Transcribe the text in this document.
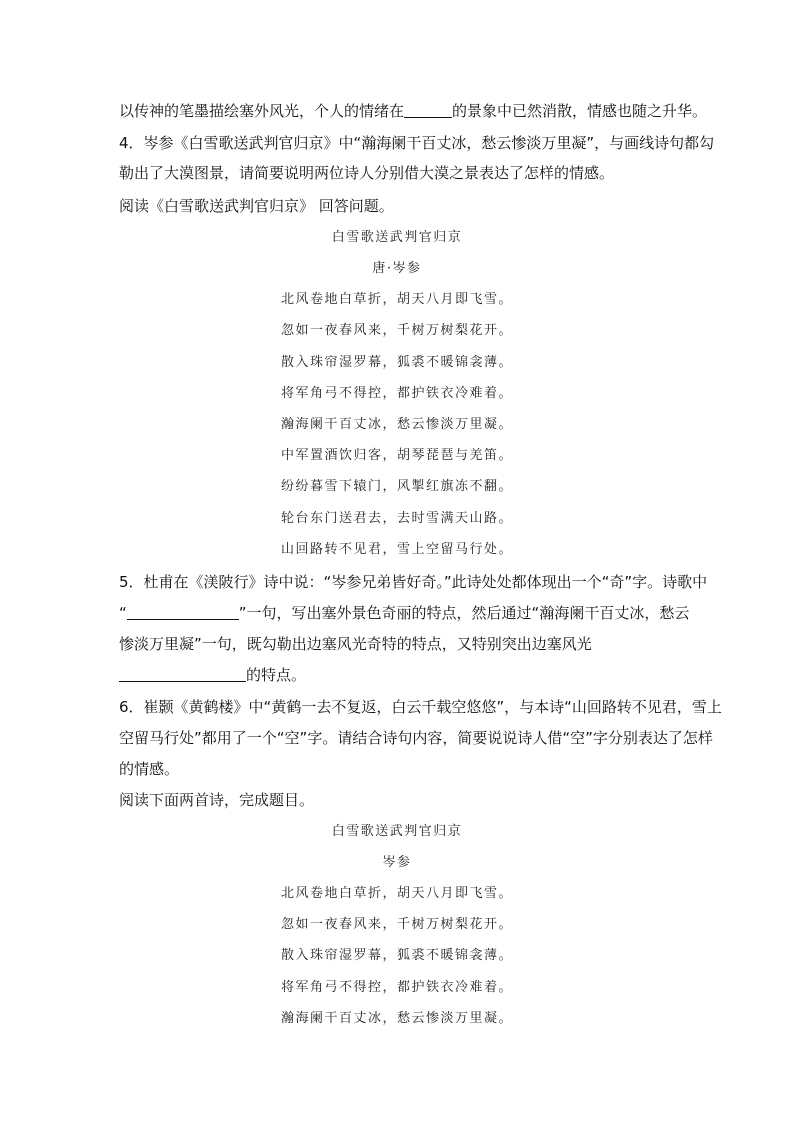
以传神的笔墨描绘塞外风光，个人的情绪在	的景象中已然消散，情感也随之升华。
4．岑参《白雪歌送武判官归京》中“瀚海阑干百丈冰，愁云惨淡万里凝”，与画线诗句都勾
勒出了大漠图景，请简要说明两位诗人分别借大漠之景表达了怎样的情感。
阅读《白雪歌送武判官归京》 回答问题。
白雪歌送武判官归京
唐·岑参
北风卷地白草折，胡天八月即飞雪。
忽如一夜春风来，千树万树梨花开。
散入珠帘湿罗幕，狐裘不暖锦衾薄。
将军角弓不得控，都护铁衣冷难着。
瀚海阑干百丈冰，愁云惨淡万里凝。
中军置酒饮归客，胡琴琵琶与羌笛。
纷纷暮雪下辕门，风掣红旗冻不翻。
轮台东门送君去，去时雪满天山路。
山回路转不见君，雪上空留马行处。
5．杜甫在《渼陂行》诗中说：“岑参兄弟皆好奇。”此诗处处都体现出一个“奇”字。诗歌中
“	”一句，写出塞外景色奇丽的特点，然后通过“瀚海阑干百丈冰，愁云
惨淡万里凝”一句，既勾勒出边塞风光奇特的特点，又特别突出边塞风光
的特点。
6．崔颢《黄鹤楼》中“黄鹤一去不复返，白云千载空悠悠”，与本诗“山回路转不见君，雪上
空留马行处”都用了一个“空”字。请结合诗句内容，简要说说诗人借“空”字分别表达了怎样
的情感。
阅读下面两首诗，完成题目。
白雪歌送武判官归京
岑参
北风卷地白草折，胡天八月即飞雪。
忽如一夜春风来，千树万树梨花开。
散入珠帘湿罗幕，狐裘不暖锦衾薄。
将军角弓不得控，都护铁衣冷难着。
瀚海阑干百丈冰，愁云惨淡万里凝。
